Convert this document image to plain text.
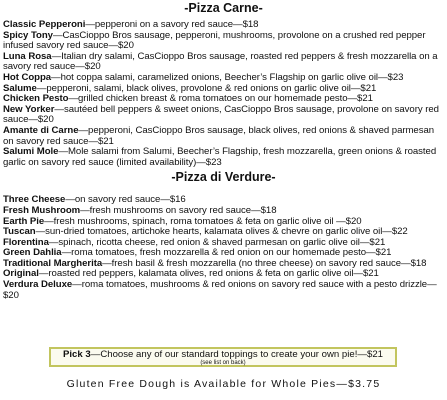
-Pizza Carne-

Classic Pepperoni—pepperoni on a savory red sauce—$18

Spicy Tony—CasCioppo Bros sausage, pepperoni, mushrooms, provolone on a crushed red pepper infused savory red sauce—$20

Luna Rosa—Italian dry salami, CasCioppo Bros sausage, roasted red peppers & fresh mozzarella on a savory red sauce—$20

Hot Coppa—hot coppa salami, caramelized onions, Beecher’s Flagship on garlic olive oil—$23

Salume—pepperoni, salami, black olives, provolone & red onions on garlic olive oil—$21

Chicken Pesto—grilled chicken breast & roma tomatoes on our homemade pesto—$21

New Yorker—sautéed bell peppers & sweet onions, CasCioppo Bros sausage, provolone on savory red sauce—$20

Amante di Carne—pepperoni, CasCioppo Bros sausage, black olives, red onions & shaved parmesan on savory red sauce—$21

Salumi Mole—Mole salami from Salumi, Beecher’s Flagship, fresh mozzarella, green onions & roasted garlic on savory red sauce (limited availability)—$23

-Pizza di Verdure-

Three Cheese—on savory red sauce—$16

Fresh Mushroom—fresh mushrooms on savory red sauce—$18

Earth Pie—fresh mushrooms, spinach, roma tomatoes & feta on garlic olive oil —$20

Tuscan—sun-dried tomatoes, artichoke hearts, kalamata olives & chevre on garlic olive oil—$22

Florentina—spinach, ricotta cheese, red onion & shaved parmesan on garlic olive oil—$21

Green Dahlia—roma tomatoes, fresh mozzarella & red onion on our homemade pesto—$21

Traditional Margherita—fresh basil & fresh mozzarella (no three cheese) on savory red sauce—$18

Original—roasted red peppers, kalamata olives, red onions & feta on garlic olive oil—$21

Verdura Deluxe—roma tomatoes, mushrooms & red onions on savory red sauce with a pesto drizzle—$20

Pick 3—Choose any of our standard toppings to create your own pie!—$21
(see list on back)
Gluten Free Dough is Available for Whole Pies—$3.75
